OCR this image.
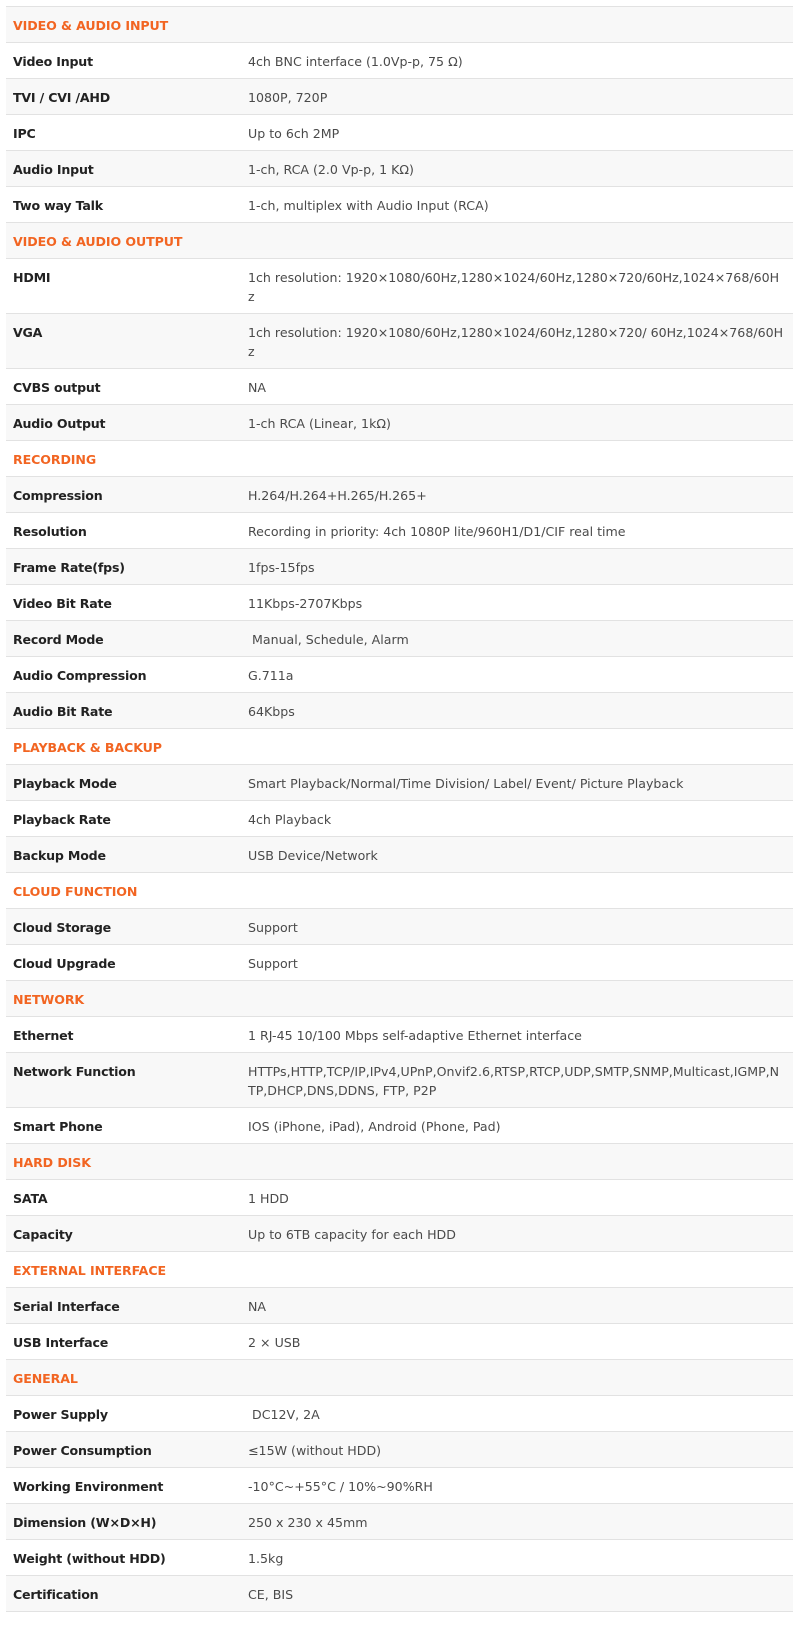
VIDEO & AUDIO INPUT
Video Input	4ch BNC interface (1.0Vp-p, 75 Ω)
TVI / CVI /AHD	1080P, 720P
IPC	Up to 6ch 2MP
Audio Input	1-ch, RCA (2.0 Vp-p, 1 KΩ)
Two way Talk	1-ch, multiplex with Audio Input (RCA)
VIDEO & AUDIO OUTPUT
HDMI	1ch resolution: 1920×1080/60Hz,1280×1024/60Hz,1280×720/60Hz,1024×768/60Hz
VGA	1ch resolution: 1920×1080/60Hz,1280×1024/60Hz,1280×720/ 60Hz,1024×768/60Hz
CVBS output	NA
Audio Output	1-ch RCA (Linear, 1kΩ)
RECORDING
Compression	H.264/H.264+H.265/H.265+
Resolution	Recording in priority: 4ch 1080P lite/960H1/D1/CIF real time
Frame Rate(fps)	1fps-15fps
Video Bit Rate	11Kbps-2707Kbps
Record Mode	Manual, Schedule, Alarm
Audio Compression	G.711a
Audio Bit Rate	64Kbps
PLAYBACK & BACKUP
Playback Mode	Smart Playback/Normal/Time Division/ Label/ Event/ Picture Playback
Playback Rate	4ch Playback
Backup Mode	USB Device/Network
CLOUD FUNCTION
Cloud Storage	Support
Cloud Upgrade	Support
NETWORK
Ethernet	1 RJ-45 10/100 Mbps self-adaptive Ethernet interface
Network Function	HTTPs,HTTP,TCP/IP,IPv4,UPnP,Onvif2.6,RTSP,RTCP,UDP,SMTP,SNMP,Multicast,IGMP,NTP,DHCP,DNS,DDNS, FTP, P2P
Smart Phone	IOS (iPhone, iPad), Android (Phone, Pad)
HARD DISK
SATA	1 HDD
Capacity	Up to 6TB capacity for each HDD
EXTERNAL INTERFACE
Serial Interface	NA
USB Interface	2 × USB
GENERAL
Power Supply	DC12V, 2A
Power Consumption	≤15W (without HDD)
Working Environment	-10°C~+55°C / 10%~90%RH
Dimension (W×D×H)	250 x 230 x 45mm
Weight (without HDD)	1.5kg
Certification	CE, BIS
